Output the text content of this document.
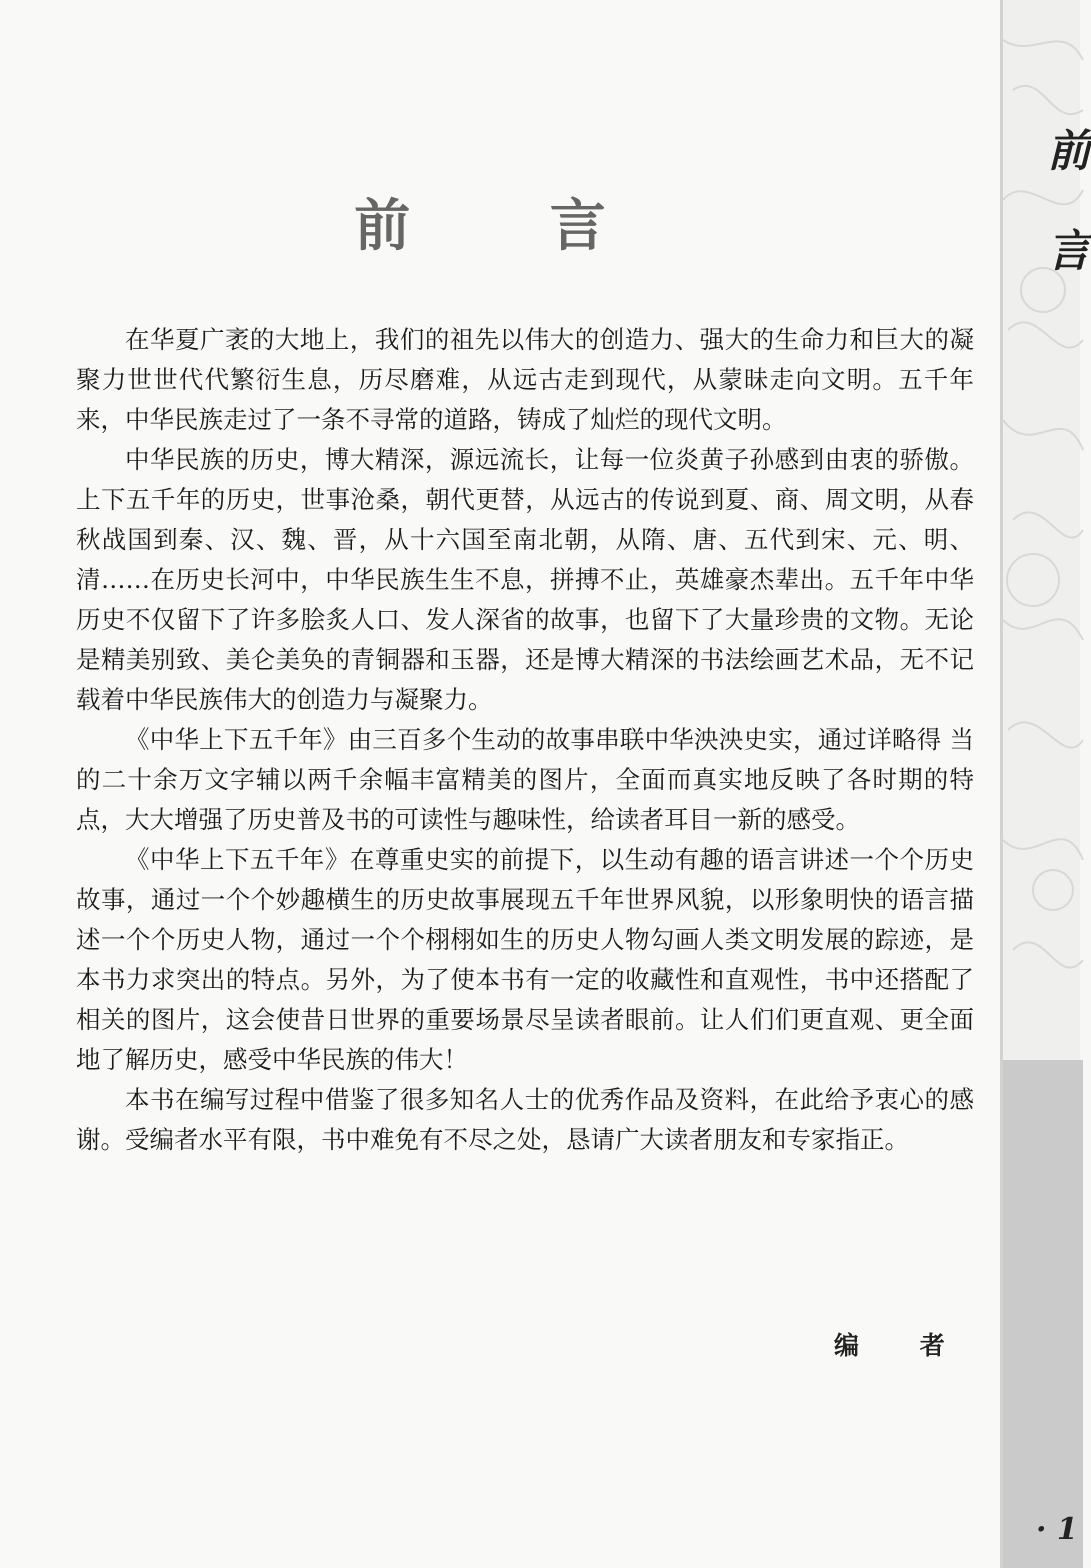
前 言

在华夏广袤的大地上，我们的祖先以伟大的创造力、强大的生命力和巨大的凝聚力世世代代繁衍生息，历尽磨难，从远古走到现代，从蒙昧走向文明。五千年来，中华民族走过了一条不寻常的道路，铸成了灿烂的现代文明。

中华民族的历史，博大精深，源远流长，让每一位炎黄子孙感到由衷的骄傲。上下五千年的历史，世事沧桑，朝代更替，从远古的传说到夏、商、周文明，从春秋战国到秦、汉、魏、晋，从十六国至南北朝，从隋、唐、五代到宋、元、明、清……在历史长河中，中华民族生生不息，拼搏不止，英雄豪杰辈出。五千年中华历史不仅留下了许多脍炙人口、发人深省的故事，也留下了大量珍贵的文物。无论是精美别致、美仑美奂的青铜器和玉器，还是博大精深的书法绘画艺术品，无不记载着中华民族伟大的创造力与凝聚力。

《中华上下五千年》由三百多个生动的故事串联中华泱泱史实，通过详略得 当的二十余万文字辅以两千余幅丰富精美的图片，全面而真实地反映了各时期的特点，大大增强了历史普及书的可读性与趣味性，给读者耳目一新的感受。

《中华上下五千年》在尊重史实的前提下，以生动有趣的语言讲述一个个历史故事，通过一个个妙趣横生的历史故事展现五千年世界风貌，以形象明快的语言描述一个个历史人物，通过一个个栩栩如生的历史人物勾画人类文明发展的踪迹，是本书力求突出的特点。另外，为了使本书有一定的收藏性和直观性，书中还搭配了相关的图片，这会使昔日世界的重要场景尽呈读者眼前。让人们们更直观、更全面地了解历史，感受中华民族的伟大！

本书在编写过程中借鉴了很多知名人士的优秀作品及资料，在此给予衷心的感谢。受编者水平有限，书中难免有不尽之处，恳请广大读者朋友和专家指正。

编 者
前
言
· 1
